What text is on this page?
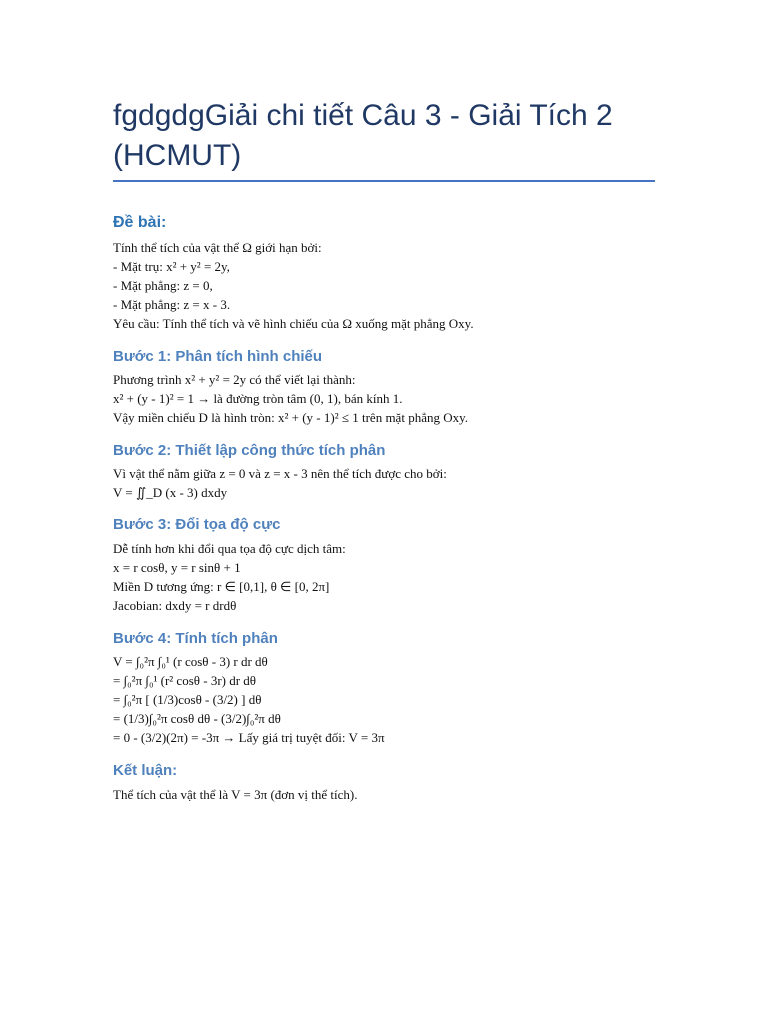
fgdgdgGiải chi tiết Câu 3 - Giải Tích 2 (HCMUT)
Đề bài:
Tính thể tích của vật thể Ω giới hạn bởi:
- Mặt trụ: x² + y² = 2y,
- Mặt phẳng: z = 0,
- Mặt phẳng: z = x - 3.
Yêu cầu: Tính thể tích và vẽ hình chiếu của Ω xuống mặt phẳng Oxy.
Bước 1: Phân tích hình chiếu
Phương trình x² + y² = 2y có thể viết lại thành:
x² + (y - 1)² = 1 → là đường tròn tâm (0, 1), bán kính 1.
Vậy miền chiếu D là hình tròn: x² + (y - 1)² ≤ 1 trên mặt phẳng Oxy.
Bước 2: Thiết lập công thức tích phân
Vì vật thể nằm giữa z = 0 và z = x - 3 nên thể tích được cho bởi:
V = ∬_D (x - 3) dxdy
Bước 3: Đổi tọa độ cực
Dễ tính hơn khi đổi qua tọa độ cực dịch tâm:
x = r cosθ, y = r sinθ + 1
Miền D tương ứng: r ∈ [0,1], θ ∈ [0, 2π]
Jacobian: dxdy = r drdθ
Bước 4: Tính tích phân
V = ∫₀²π ∫₀¹ (r cosθ - 3) r dr dθ
= ∫₀²π ∫₀¹ (r² cosθ - 3r) dr dθ
= ∫₀²π [ (1/3)cosθ - (3/2) ] dθ
= (1/3)∫₀²π cosθ dθ - (3/2)∫₀²π dθ
= 0 - (3/2)(2π) = -3π → Lấy giá trị tuyệt đối: V = 3π
Kết luận:
Thể tích của vật thể là V = 3π (đơn vị thể tích).
